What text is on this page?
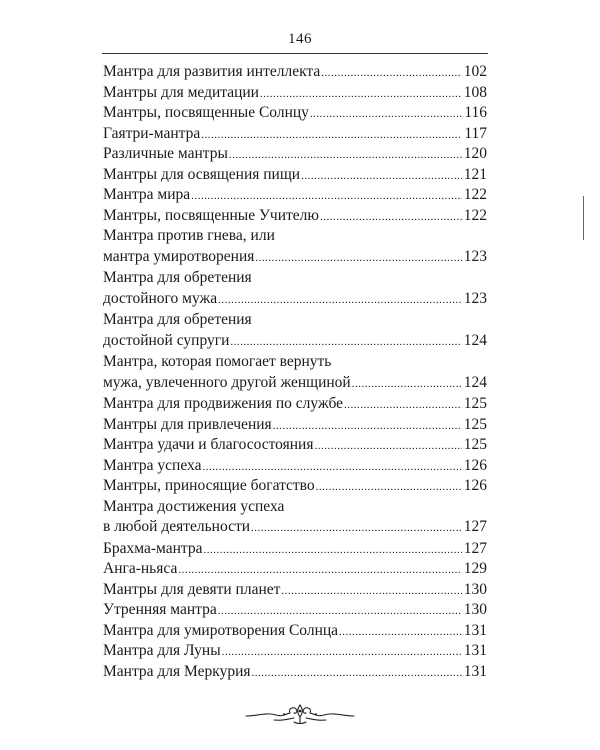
146
Мантра для развития интеллекта .....	102
Мантры для медитации .....	108
Мантры, посвященные Солнцу .....	116
Гаятри-мантра .....	117
Различные мантры .....	120
Мантры для освящения пищи .....	121
Мантра мира .....	122
Мантры, посвященные Учителю .....	122
Мантра против гнева, или
мантра умиротворения .....	123
Мантра для обретения
достойного мужа .....	123
Мантра для обретения
достойной супруги .....	124
Мантра, которая помогает вернуть
мужа, увлеченного другой женщиной .....	124
Мантра для продвижения по службе .....	125
Мантры для привлечения .....	125
Мантра удачи и благосостояния .....	125
Мантра успеха .....	126
Мантры, приносящие богатство .....	126
Мантра достижения успеха
в любой деятельности .....	127
Брахма-мантра .....	127
Анга-ньяса .....	129
Мантры для девяти планет .....	130
Утренняя мантра .....	130
Мантра для умиротворения Солнца .....	131
Мантра для Луны .....	131
Мантра для Меркурия .....	131
